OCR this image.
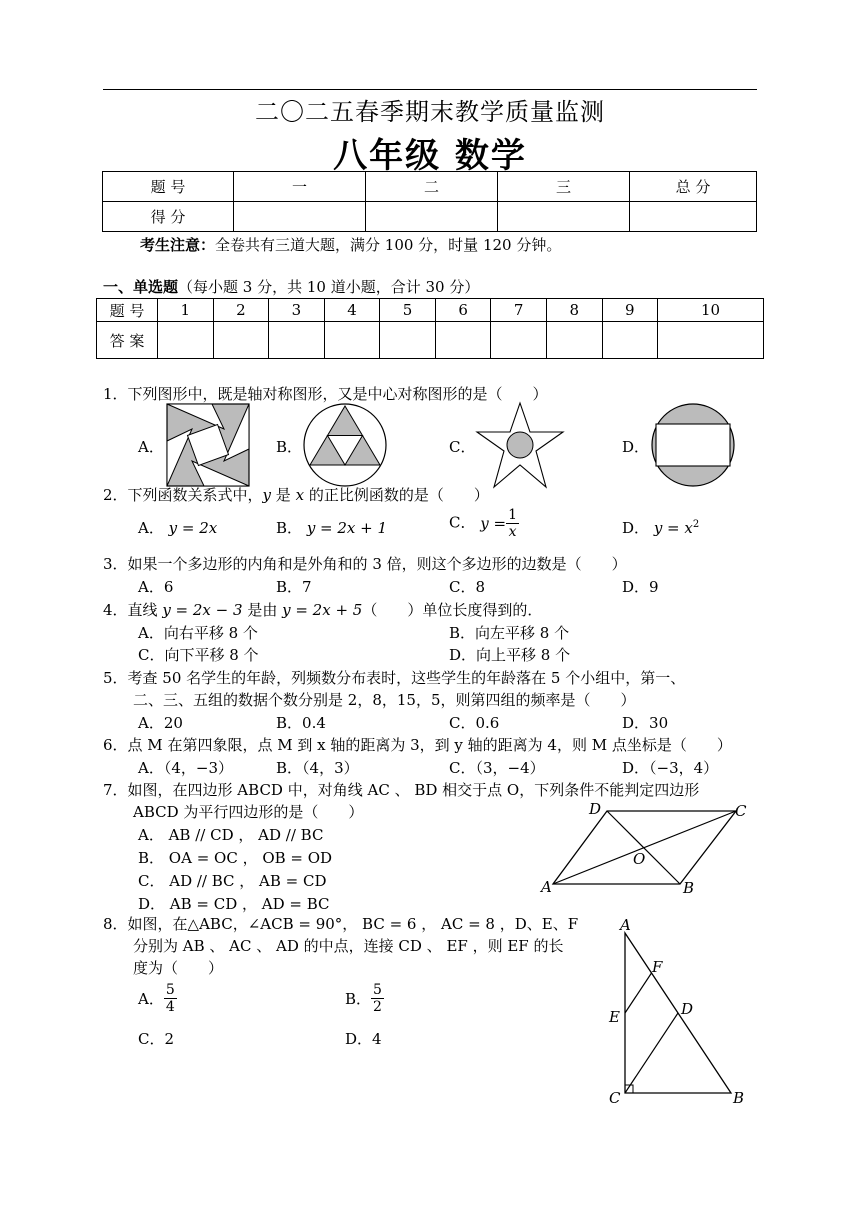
二〇二五春季期末教学质量监测
八年级 数学
题 号	一	二	三	总 分
得 分				
考生注意：全卷共有三道大题，满分 100 分，时量 120 分钟。
一、单选题（每小题 3 分，共 10 道小题，合计 30 分）
题 号	1	2	3	4	5	6	7	8	9	10
答 案										
1．下列图形中，既是轴对称图形，又是中心对称图形的是（　　）
A．	B．	C．	D．
2．下列函数关系式中，y 是 x 的正比例函数的是（　　）
A． y = 2x	B． y = 2x + 1	C． $y = \frac{1}{x}$	D． $y = x^2$
3．如果一个多边形的内角和是外角和的 3 倍，则这个多边形的边数是（　　）
A．6	B．7	C．8	D．9
4．直线 y = 2x − 3 是由 y = 2x + 5（　　）单位长度得到的．
A．向右平移 8 个	B．向左平移 8 个
C．向下平移 8 个	D．向上平移 8 个
5．考查 50 名学生的年龄，列频数分布表时，这些学生的年龄落在 5 个小组中，第一、
二、三、五组的数据个数分别是 2，8，15，5，则第四组的频率是（　　）
A．20	B．0.4	C．0.6	D．30
6．点 M 在第四象限，点 M 到 x 轴的距离为 3，到 y 轴的距离为 4，则 M 点坐标是（　　）
A．（4，−3）	B．（4，3）	C．（3，−4）	D．（−3，4）
7．如图，在四边形 ABCD 中，对角线 AC 、 BD 相交于点 O，下列条件不能判定四边形
ABCD 为平行四边形的是（　　）
A． AB // CD ， AD // BC
B． OA = OC ， OB = OD
C． AD // BC ， AB = CD
D． AB = CD ， AD = BC
D	C
O
A	B
8．如图，在△ABC，∠ACB = 90°， BC = 6 ， AC = 8 ，D、E、F
分别为 AB 、 AC 、 AD 的中点，连接 CD 、 EF ，则 EF 的长
度为（　　）
A． $\frac{5}{4}$	B． $\frac{5}{2}$
C．2	D．4
A
F
E	D
C	B
